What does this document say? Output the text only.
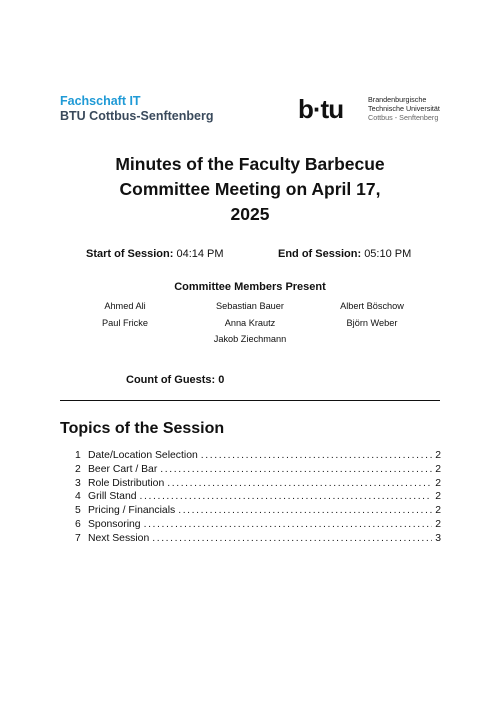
Fachschaft IT
BTU Cottbus-Senftenberg	b·tu	Brandenburgische
Technische Universität
Cottbus - Senftenberg
Minutes of the Faculty Barbecue
Committee Meeting on April 17,
2025
Start of Session: 04:14 PM	End of Session: 05:10 PM
Committee Members Present
Ahmed Ali	Sebastian Bauer	Albert Böschow
Paul Fricke	Anna Krautz	Björn Weber
Jakob Ziechmann
Count of Guests: 0
Topics of the Session
1 Date/Location Selection .....	2
2 Beer Cart / Bar .....	2
3 Role Distribution .....	2
4 Grill Stand .....	2
5 Pricing / Financials .....	2
6 Sponsoring .....	2
7 Next Session .....	3
